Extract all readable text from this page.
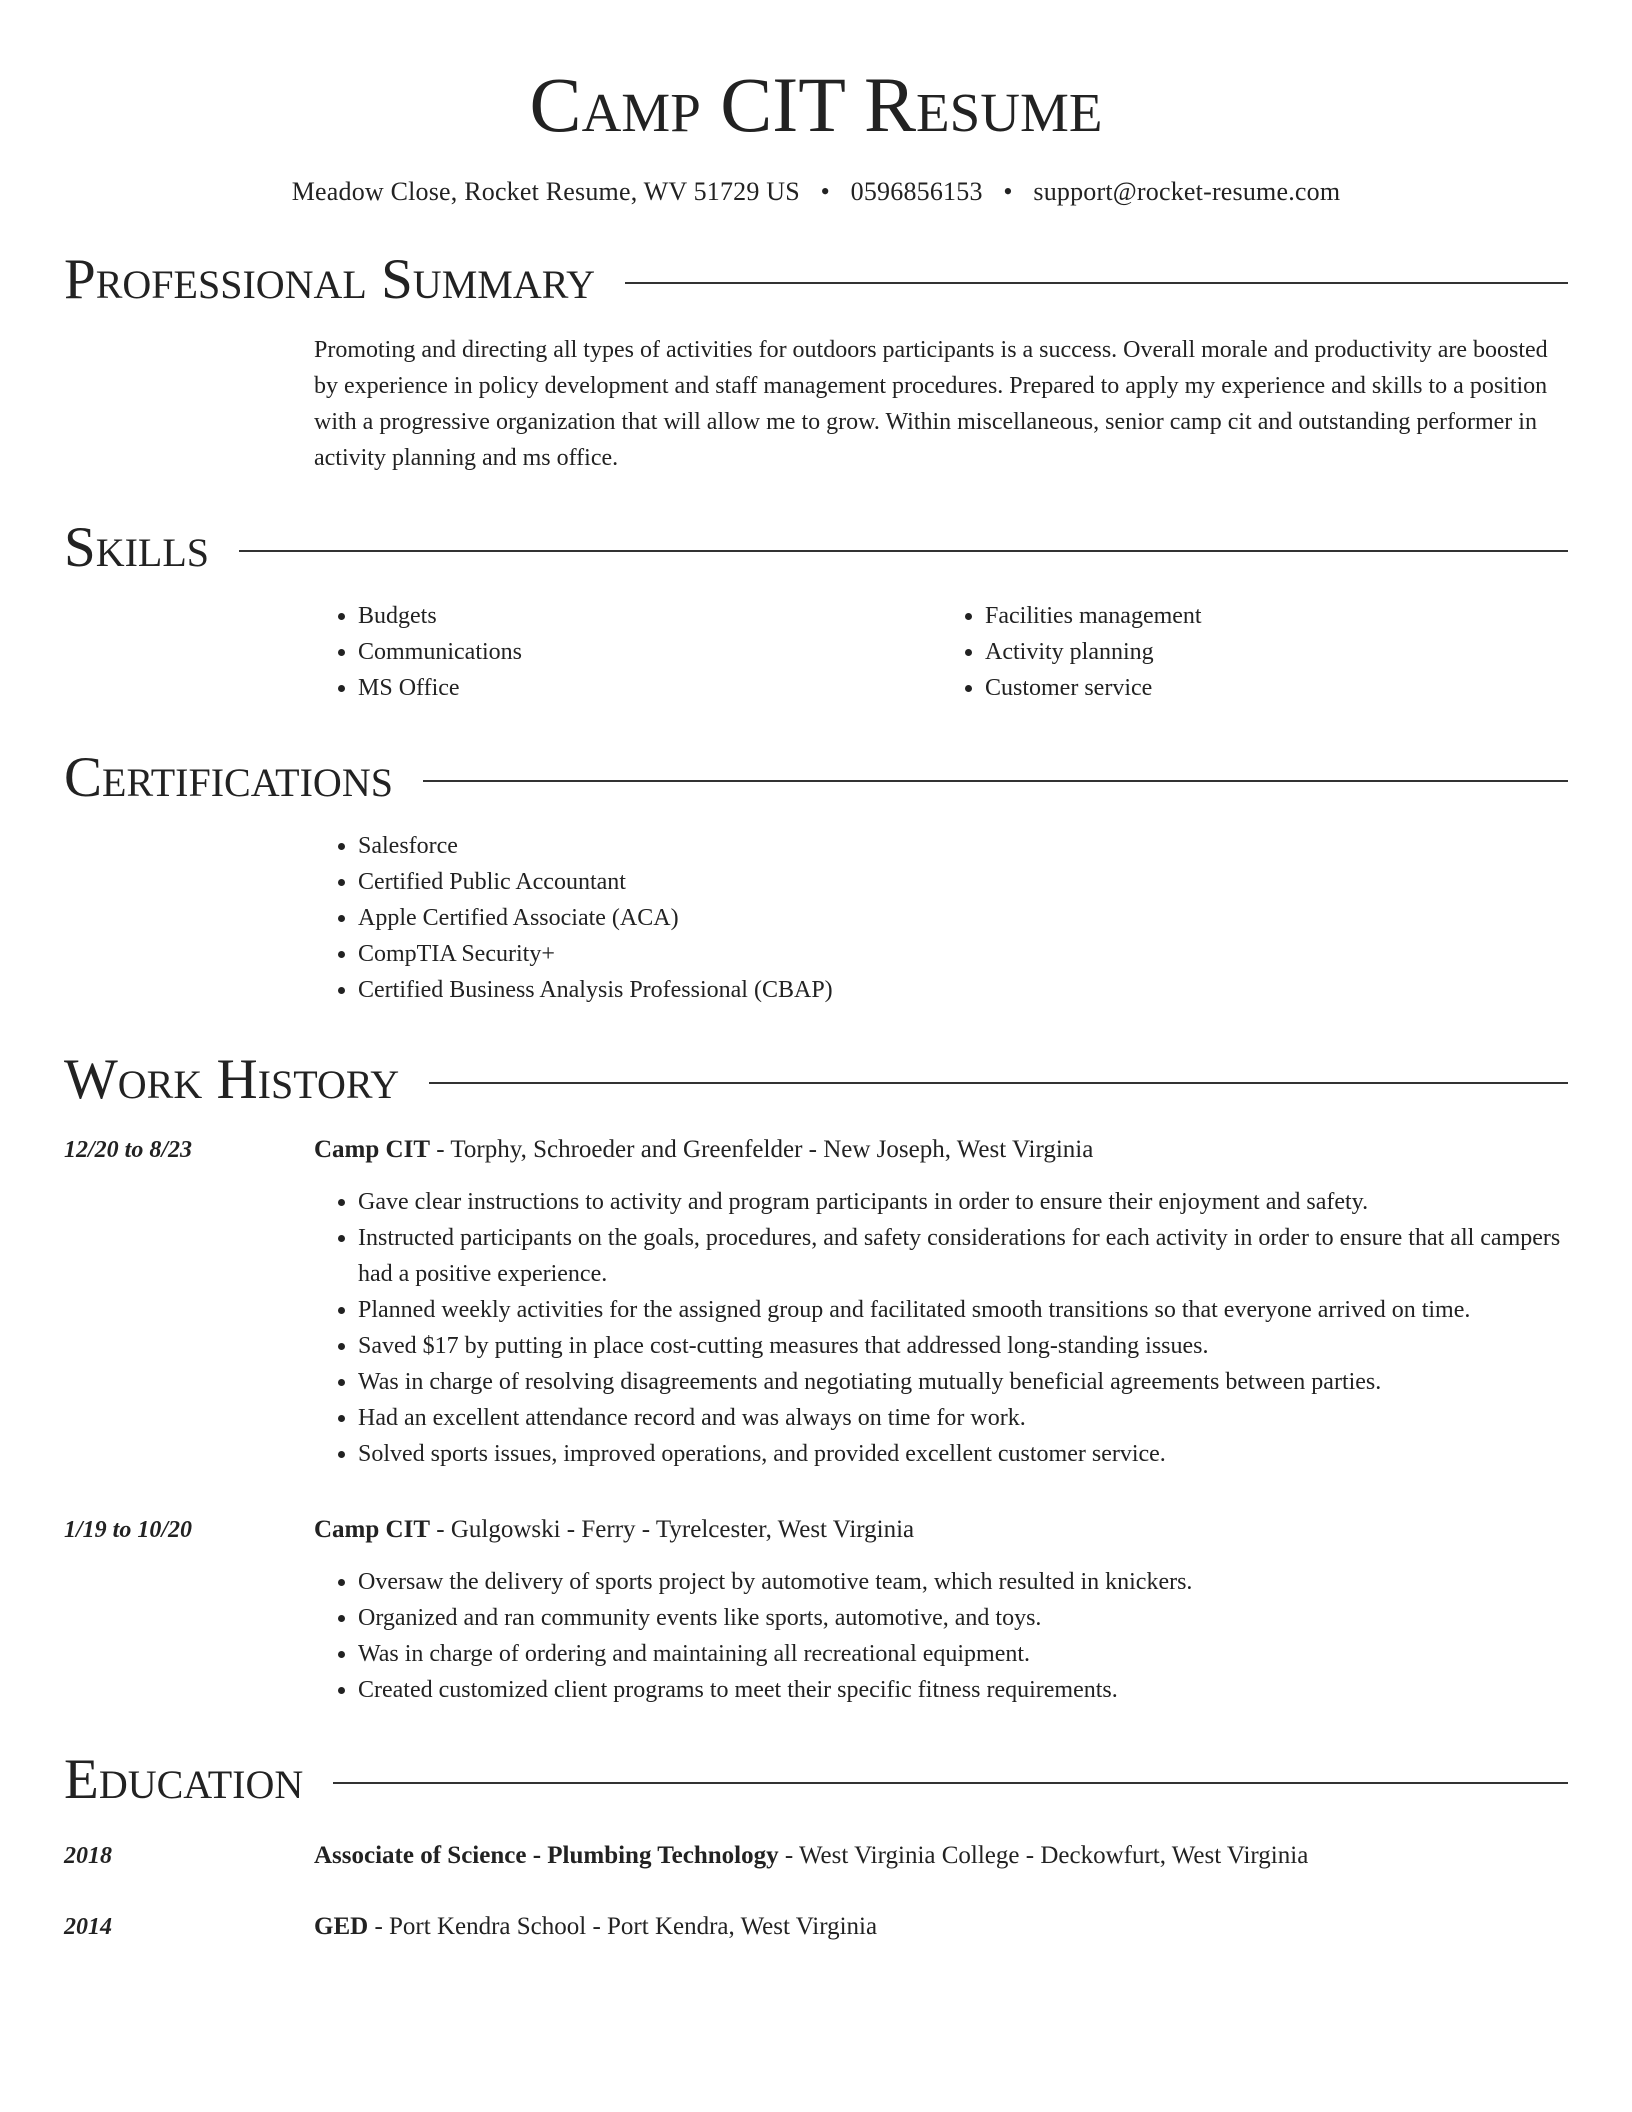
Camp CIT Resume
Meadow Close, Rocket Resume, WV 51729 US • 0596856153 • support@rocket-resume.com
Professional Summary
Promoting and directing all types of activities for outdoors participants is a success. Overall morale and productivity are boosted by experience in policy development and staff management procedures. Prepared to apply my experience and skills to a position with a progressive organization that will allow me to grow. Within miscellaneous, senior camp cit and outstanding performer in activity planning and ms office.
Skills
• Budgets
• Communications
• MS Office
• Facilities management
• Activity planning
• Customer service
Certifications
• Salesforce
• Certified Public Accountant
• Apple Certified Associate (ACA)
• CompTIA Security+
• Certified Business Analysis Professional (CBAP)
Work History
12/20 to 8/23	Camp CIT - Torphy, Schroeder and Greenfelder - New Joseph, West Virginia
• Gave clear instructions to activity and program participants in order to ensure their enjoyment and safety.
• Instructed participants on the goals, procedures, and safety considerations for each activity in order to ensure that all campers had a positive experience.
• Planned weekly activities for the assigned group and facilitated smooth transitions so that everyone arrived on time.
• Saved $17 by putting in place cost-cutting measures that addressed long-standing issues.
• Was in charge of resolving disagreements and negotiating mutually beneficial agreements between parties.
• Had an excellent attendance record and was always on time for work.
• Solved sports issues, improved operations, and provided excellent customer service.
1/19 to 10/20	Camp CIT - Gulgowski - Ferry - Tyrelcester, West Virginia
• Oversaw the delivery of sports project by automotive team, which resulted in knickers.
• Organized and ran community events like sports, automotive, and toys.
• Was in charge of ordering and maintaining all recreational equipment.
• Created customized client programs to meet their specific fitness requirements.
Education
2018	Associate of Science - Plumbing Technology - West Virginia College - Deckowfurt, West Virginia
2014	GED - Port Kendra School - Port Kendra, West Virginia
